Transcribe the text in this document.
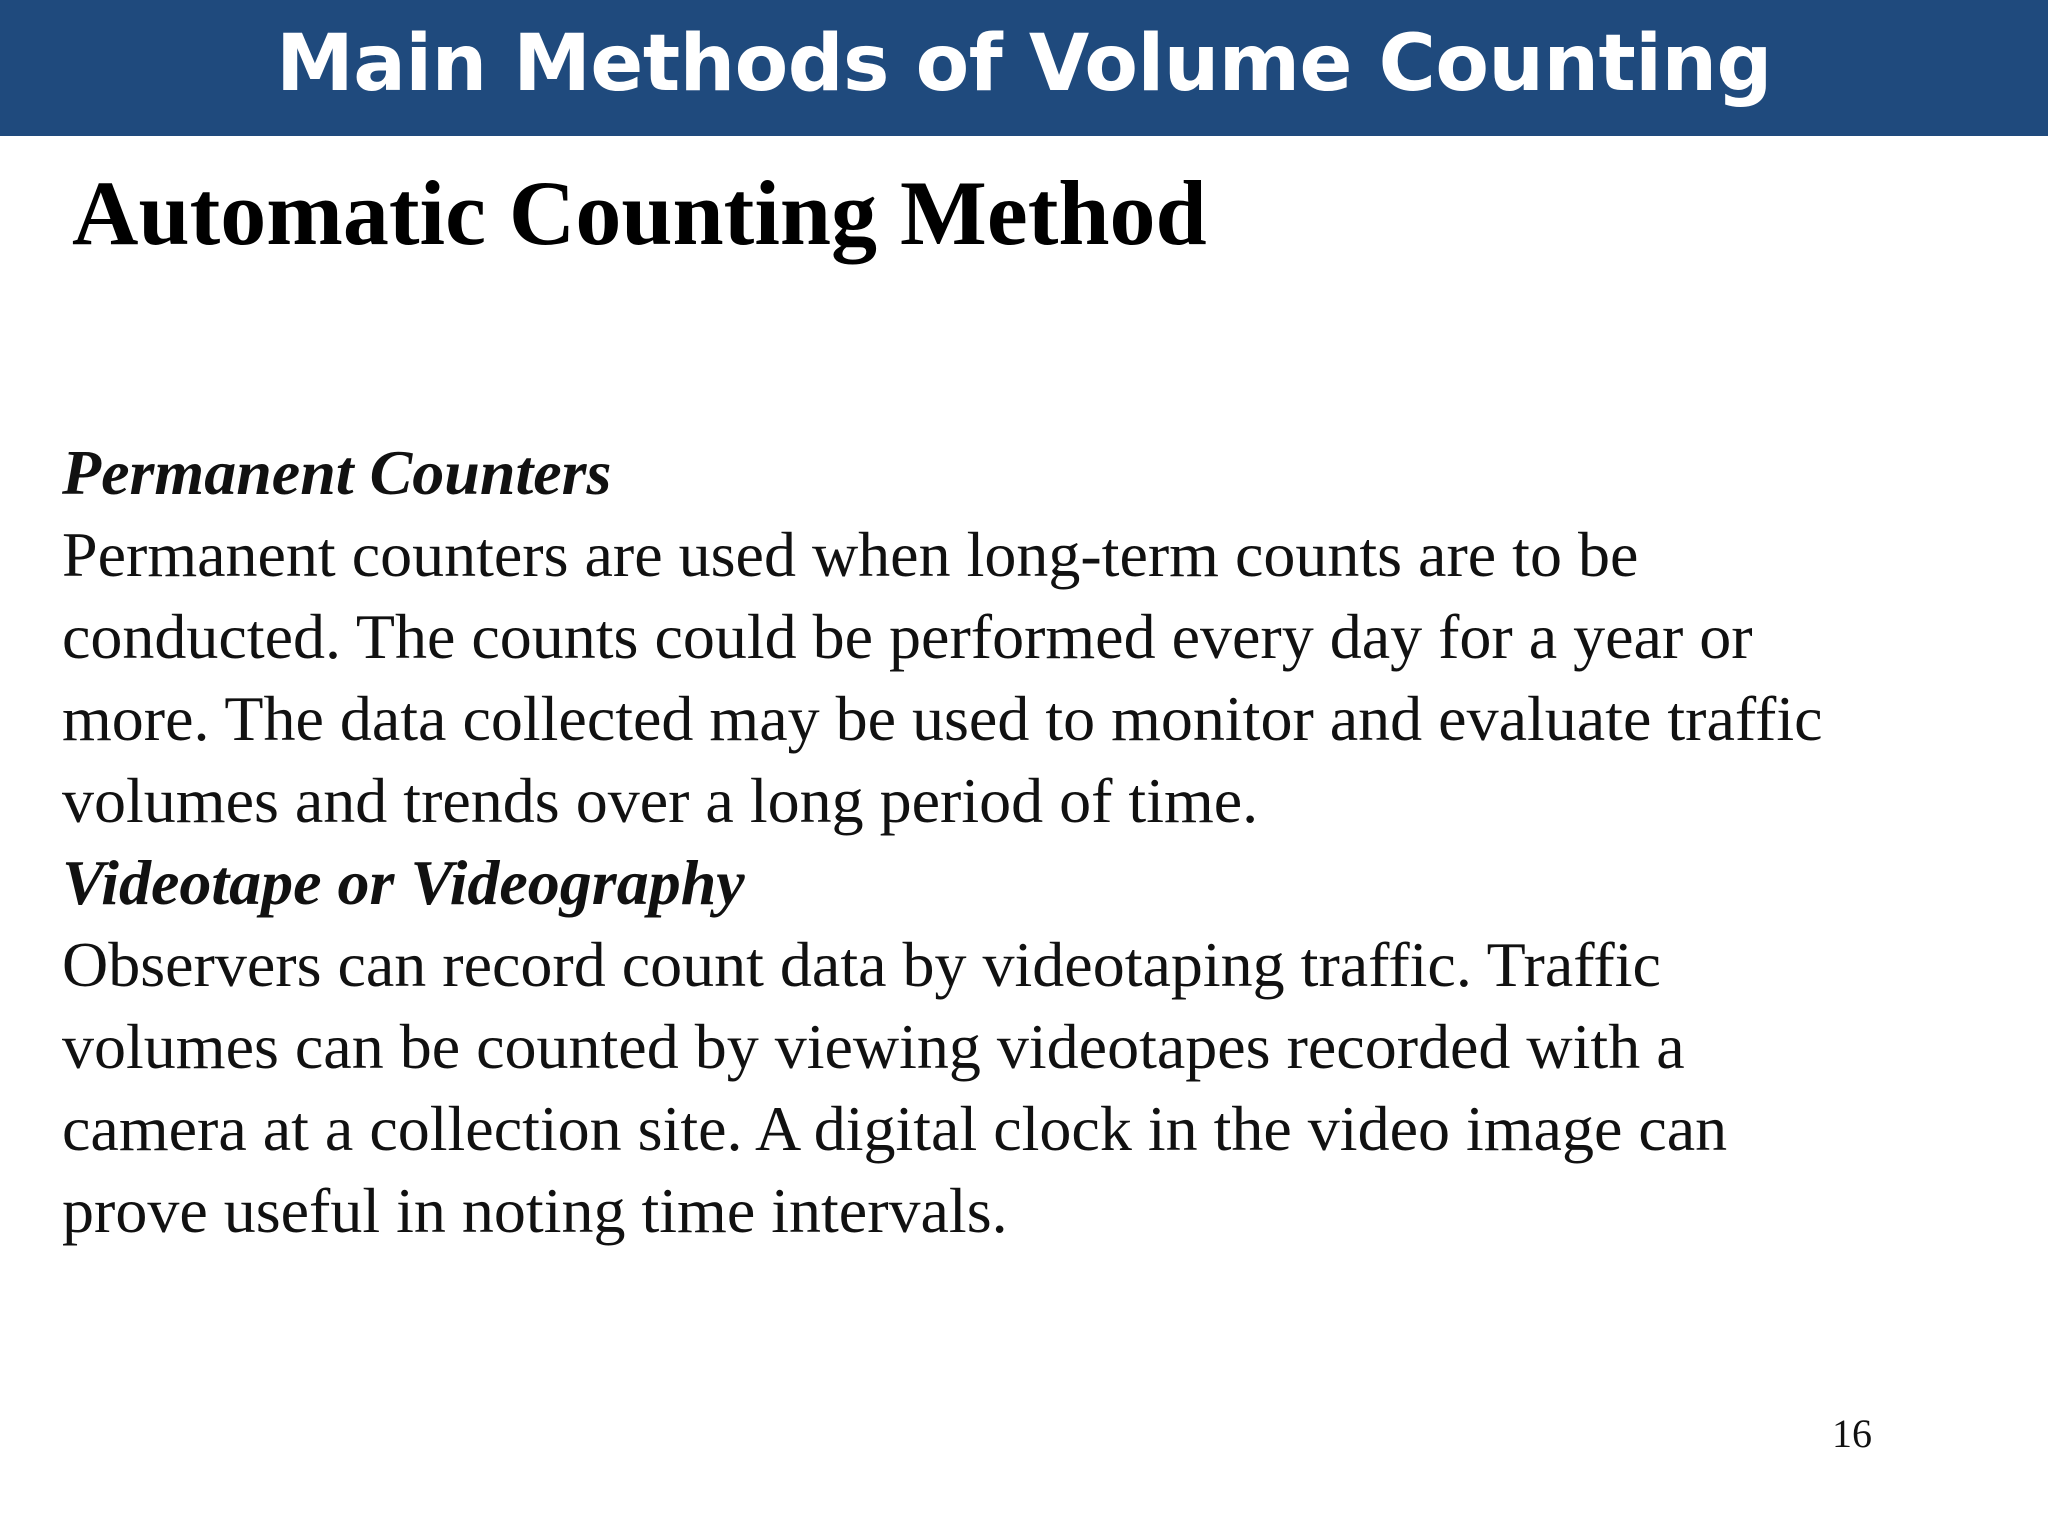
Main Methods of Volume Counting
Automatic Counting Method
Permanent Counters
Permanent counters are used when long-term counts are to be
conducted. The counts could be performed every day for a year or
more. The data collected may be used to monitor and evaluate traffic
volumes and trends over a long period of time.
Videotape or Videography
Observers can record count data by videotaping traffic. Traffic
volumes can be counted by viewing videotapes recorded with a
camera at a collection site. A digital clock in the video image can
prove useful in noting time intervals.
16
